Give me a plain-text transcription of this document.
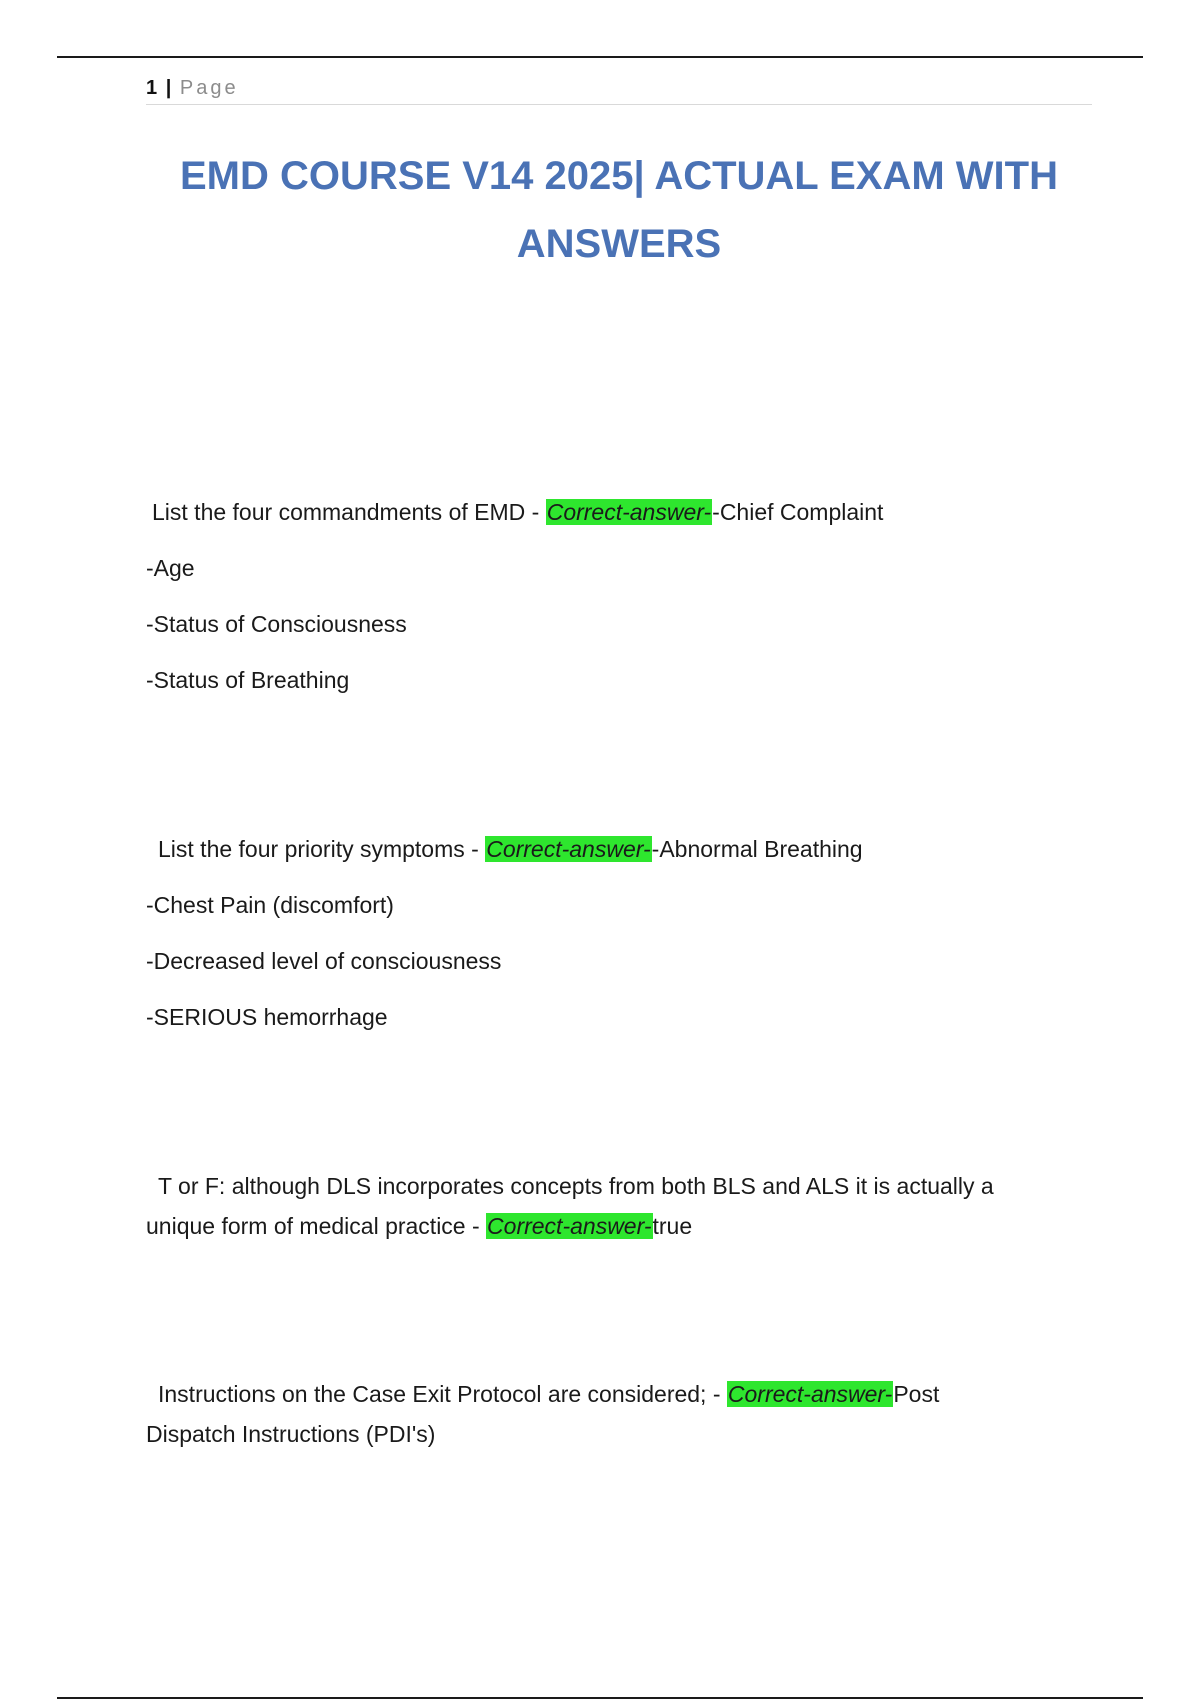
1 | Page
EMD COURSE V14 2025| ACTUAL EXAM WITH
ANSWERS
List the four commandments of EMD - Correct-answer--Chief Complaint
-Age
-Status of Consciousness
-Status of Breathing
List the four priority symptoms - Correct-answer--Abnormal Breathing
-Chest Pain (discomfort)
-Decreased level of consciousness
-SERIOUS hemorrhage
T or F: although DLS incorporates concepts from both BLS and ALS it is actually a
unique form of medical practice - Correct-answer-true
Instructions on the Case Exit Protocol are considered; - Correct-answer-Post
Dispatch Instructions (PDI's)
